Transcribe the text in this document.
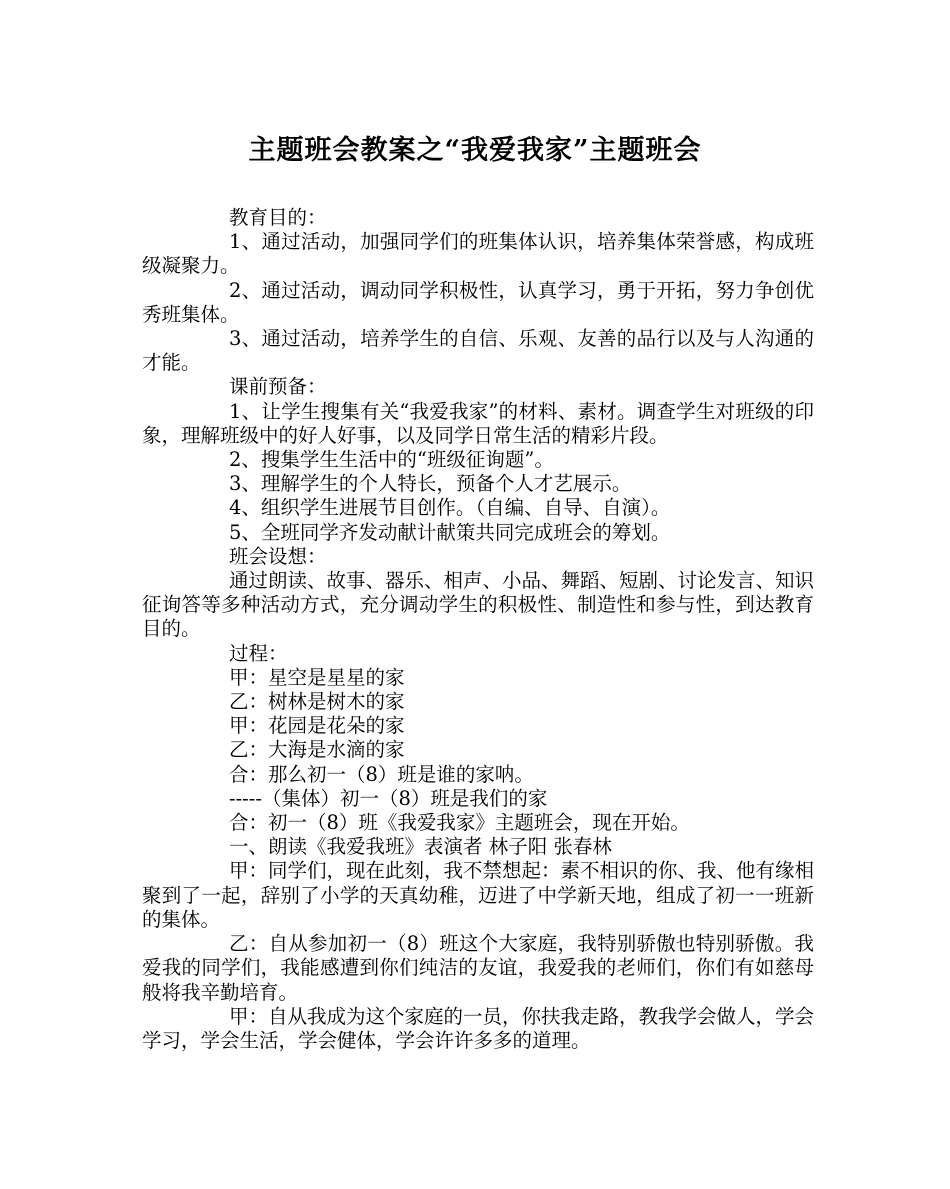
主题班会教案之“我爱我家”主题班会

教育目的：

1、通过活动，加强同学们的班集体认识，培养集体荣誉感，构成班级凝聚力。

2、通过活动，调动同学积极性，认真学习，勇于开拓，努力争创优秀班集体。

3、通过活动，培养学生的自信、乐观、友善的品行以及与人沟通的才能。

课前预备：

1、让学生搜集有关“我爱我家”的材料、素材。调查学生对班级的印象，理解班级中的好人好事，以及同学日常生活的精彩片段。

2、搜集学生生活中的“班级征询题”。

3、理解学生的个人特长，预备个人才艺展示。

4、组织学生进展节目创作。（自编、自导、自演）。

5、全班同学齐发动献计献策共同完成班会的筹划。

班会设想：

通过朗读、故事、器乐、相声、小品、舞蹈、短剧、讨论发言、知识征询答等多种活动方式，充分调动学生的积极性、制造性和参与性，到达教育目的。

过程：

甲：星空是星星的家

乙：树林是树木的家

甲：花园是花朵的家

乙：大海是水滴的家

合：那么初一（8）班是谁的家呐。

-----（集体）初一（8）班是我们的家

合：初一（8）班《我爱我家》主题班会，现在开始。

一、朗读《我爱我班》表演者 林子阳 张春林

甲：同学们，现在此刻，我不禁想起：素不相识的你、我、他有缘相聚到了一起，辞别了小学的天真幼稚，迈进了中学新天地，组成了初一一班新的集体。

乙：自从参加初一（8）班这个大家庭，我特别骄傲也特别骄傲。我爱我的同学们，我能感遭到你们纯洁的友谊，我爱我的老师们，你们有如慈母般将我辛勤培育。

甲：自从我成为这个家庭的一员，你扶我走路，教我学会做人，学会学习，学会生活，学会健体，学会许许多多的道理。
